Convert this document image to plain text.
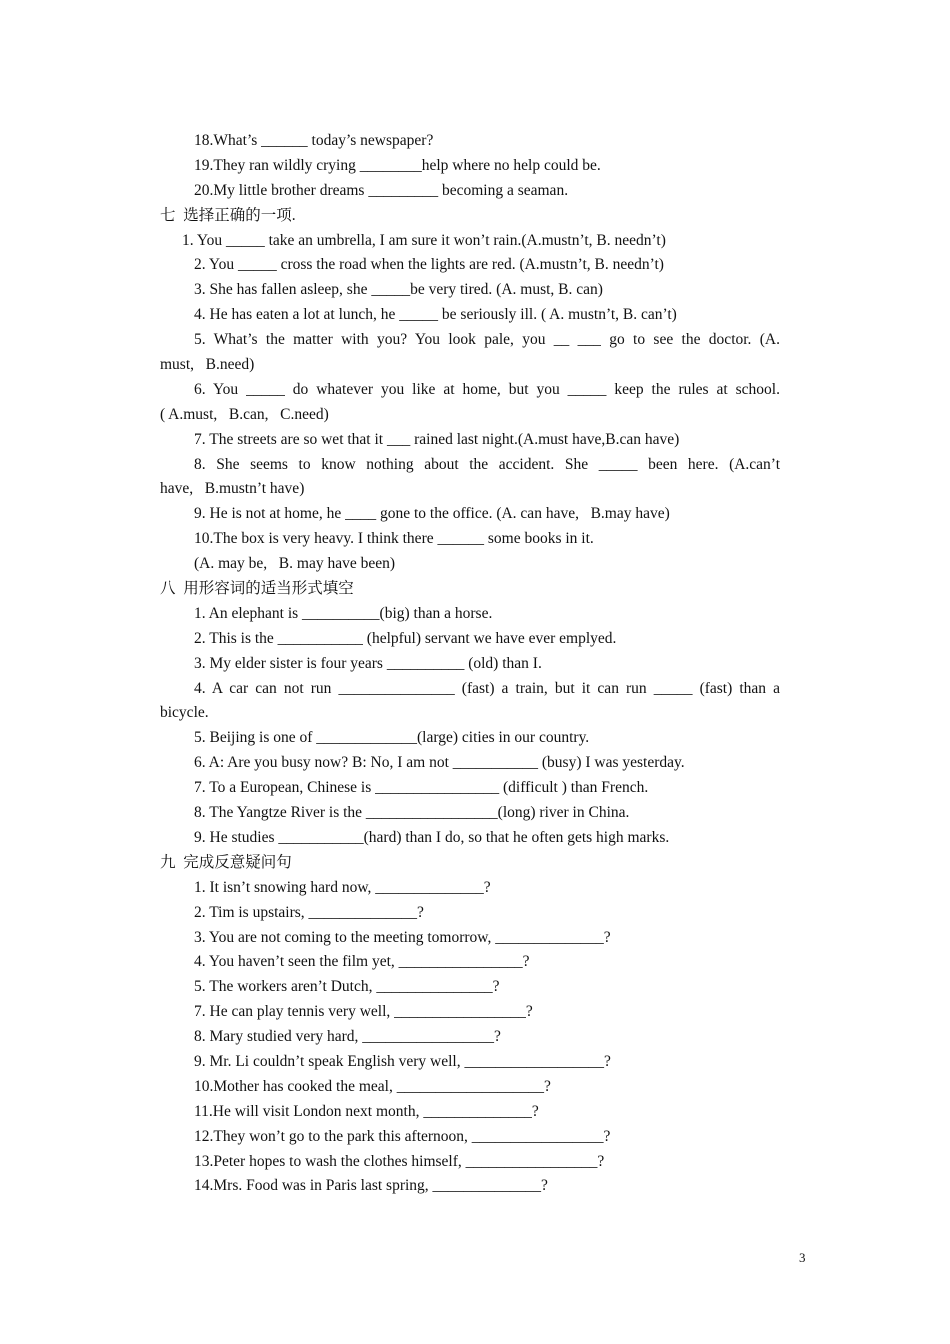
18.What’s ______ today’s newspaper?
19.They ran wildly crying ________help where no help could be.
20.My little brother dreams _________ becoming a seaman.
七  选择正确的一项.
1. You _____ take an umbrella, I am sure it won’t rain.(A.mustn’t, B. needn’t)
2. You _____ cross the road when the lights are red. (A.mustn’t, B. needn’t)
3. She has fallen asleep, she _____be very tired. (A. must, B. can)
4. He has eaten a lot at lunch, he _____ be seriously ill. ( A. mustn’t, B. can’t)
5. What’s the matter with you? You look pale, you __ ___ go to see the doctor. (A.
must,   B.need)
6. You _____ do whatever you like at home, but you _____ keep the rules at school.
( A.must,   B.can,   C.need)
7. The streets are so wet that it ___ rained last night.(A.must have,B.can have)
8. She seems to know nothing about the accident. She _____ been here. (A.can’t
have,   B.mustn’t have)
9. He is not at home, he ____ gone to the office. (A. can have,   B.may have)
10.The box is very heavy. I think there ______ some books in it.
(A. may be,   B. may have been)
八  用形容词的适当形式填空
1. An elephant is __________(big) than a horse.
2. This is the ___________ (helpful) servant we have ever emplyed.
3. My elder sister is four years __________ (old) than I.
4. A car can not run _______________ (fast) a train, but it can run _____ (fast) than a
bicycle.
5. Beijing is one of _____________(large) cities in our country.
6. A: Are you busy now? B: No, I am not ___________ (busy) I was yesterday.
7. To a European, Chinese is ________________ (difficult ) than French.
8. The Yangtze River is the _________________(long) river in China.
9. He studies ___________(hard) than I do, so that he often gets high marks.
九  完成反意疑问句
1. It isn’t snowing hard now, ______________?
2. Tim is upstairs, ______________?
3. You are not coming to the meeting tomorrow, ______________?
4. You haven’t seen the film yet, ________________?
5. The workers aren’t Dutch, _______________?
7. He can play tennis very well, _________________?
8. Mary studied very hard, _________________?
9. Mr. Li couldn’t speak English very well, __________________?
10.Mother has cooked the meal, ___________________?
11.He will visit London next month, ______________?
12.They won’t go to the park this afternoon, _________________?
13.Peter hopes to wash the clothes himself, _________________?
14.Mrs. Food was in Paris last spring, ______________?
3
